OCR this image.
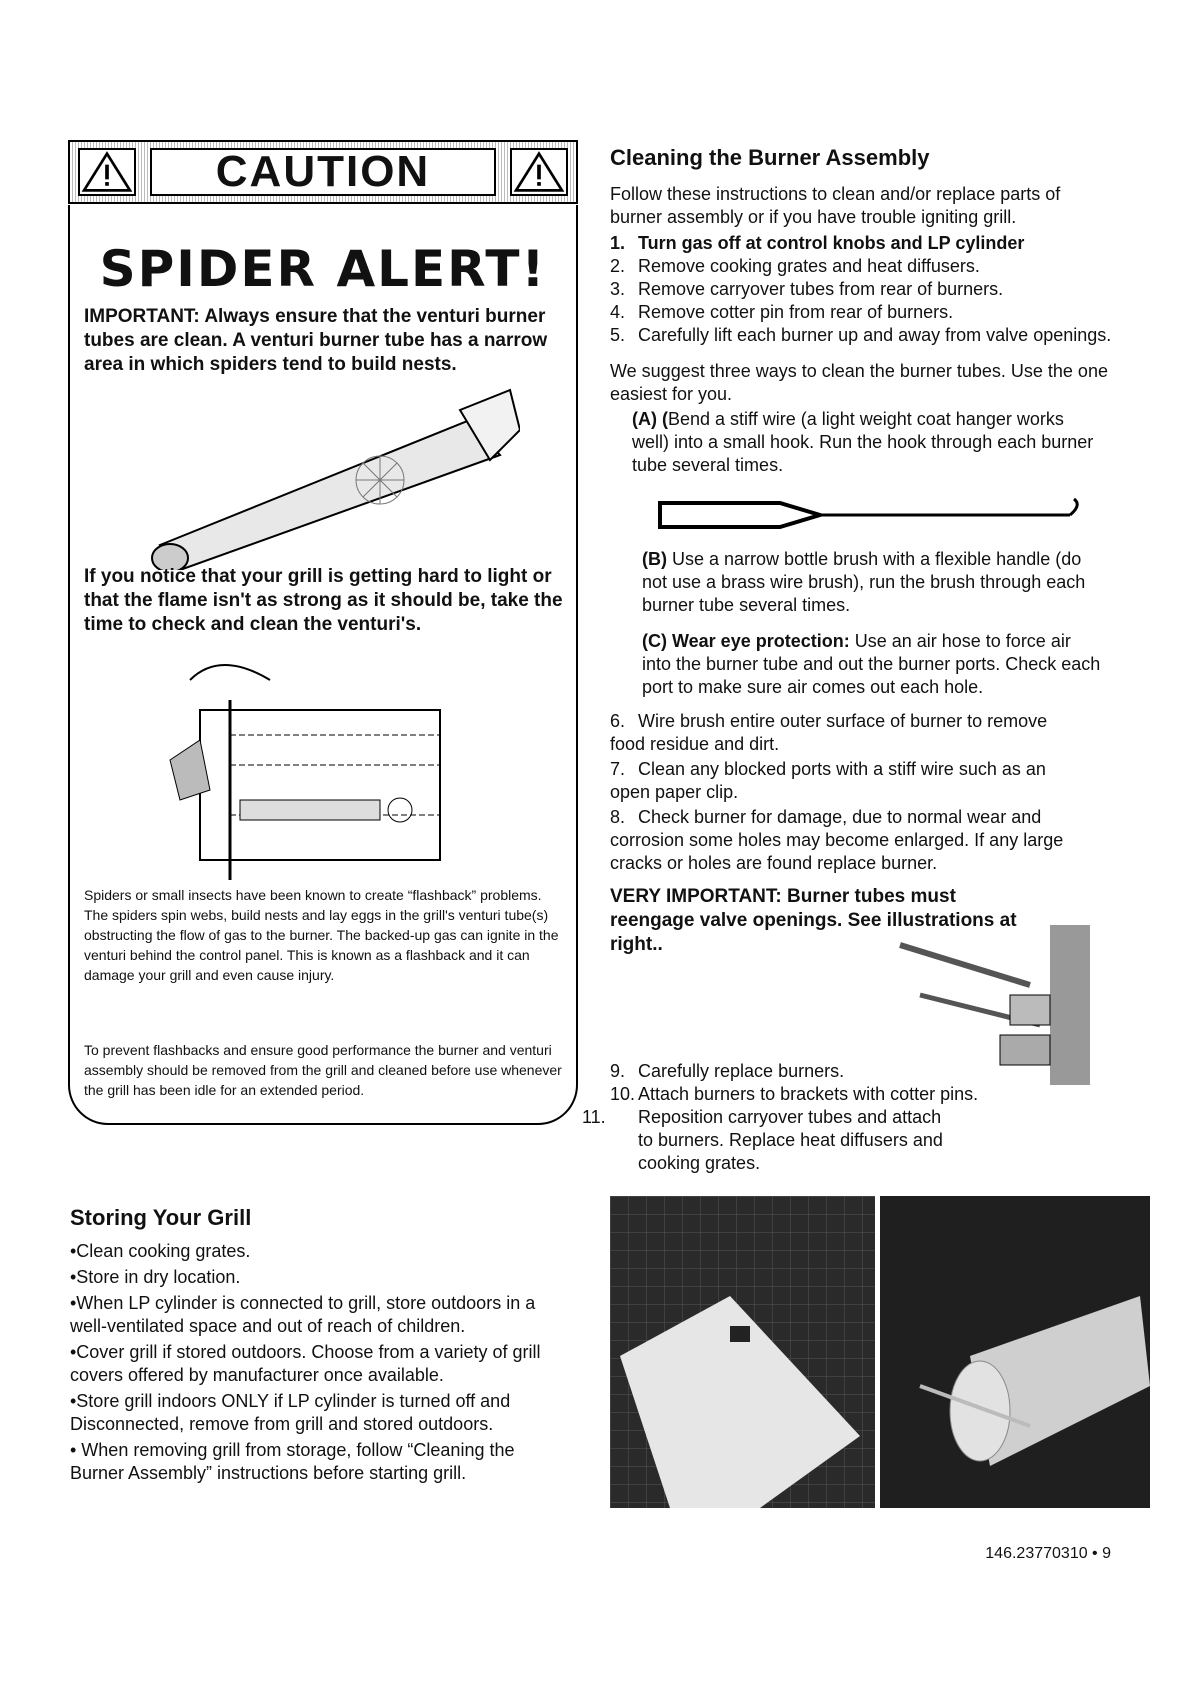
CAUTION
SPIDER ALERT!
IMPORTANT: Always ensure that the venturi burner tubes are clean. A venturi burner tube has a narrow area in which spiders tend to build nests.
If you notice that your grill is getting hard to light or that the flame isn't as strong as it should be, take the time to check and clean the venturi's.
Spiders or small insects have been known to create “flashback” problems. The spiders spin webs, build nests and lay eggs in the grill's venturi tube(s) obstructing the flow of gas to the burner. The backed-up gas can ignite in the venturi behind the control panel. This is known as a flashback and it can damage your grill and even cause injury.
To prevent flashbacks and ensure good performance the burner and venturi assembly should be removed from the grill and cleaned before use whenever the grill has been idle for an extended period.
Storing Your Grill
•Clean cooking grates.
•Store in dry location.
•When LP cylinder is connected to grill, store outdoors in a well-ventilated space and out of reach of children.
•Cover grill if stored outdoors. Choose from a variety of grill covers offered by manufacturer once available.
•Store grill indoors ONLY if LP cylinder is turned off and Disconnected, remove from grill and stored outdoors.
• When removing grill from storage, follow “Cleaning the Burner Assembly” instructions before starting grill.
Cleaning the Burner Assembly
Follow these instructions to clean and/or replace parts of burner assembly or if you have trouble igniting grill.
1. Turn gas off at control knobs and LP cylinder
2. Remove cooking grates and heat diffusers.
3. Remove carryover tubes from rear of burners.
4. Remove cotter pin from rear of burners.
5. Carefully lift each burner up and away from valve openings.
We suggest three ways to clean the burner tubes. Use the one easiest for you.
(A) (Bend a stiff wire (a light weight coat hanger works well) into a small hook. Run the hook through each burner tube several times.
(B) Use a narrow bottle brush with a flexible handle (do not use a brass wire brush), run the brush through each burner tube several times.
(C) Wear eye protection: Use an air hose to force air into the burner tube and out the burner ports. Check each port to make sure air comes out each hole.
6. Wire brush entire outer surface of burner to remove food residue and dirt.
7. Clean any blocked ports with a stiff wire such as an open paper clip.
8. Check burner for damage, due to normal wear and corrosion some holes may become enlarged. If any large cracks or holes are found replace burner.
VERY IMPORTANT: Burner tubes must reengage valve openings. See illustrations at right..
9. Carefully replace burners.
10. Attach burners to brackets with cotter pins.
11. Reposition carryover tubes and attach to burners. Replace heat diffusers and cooking grates.
146.23770310 • 9
